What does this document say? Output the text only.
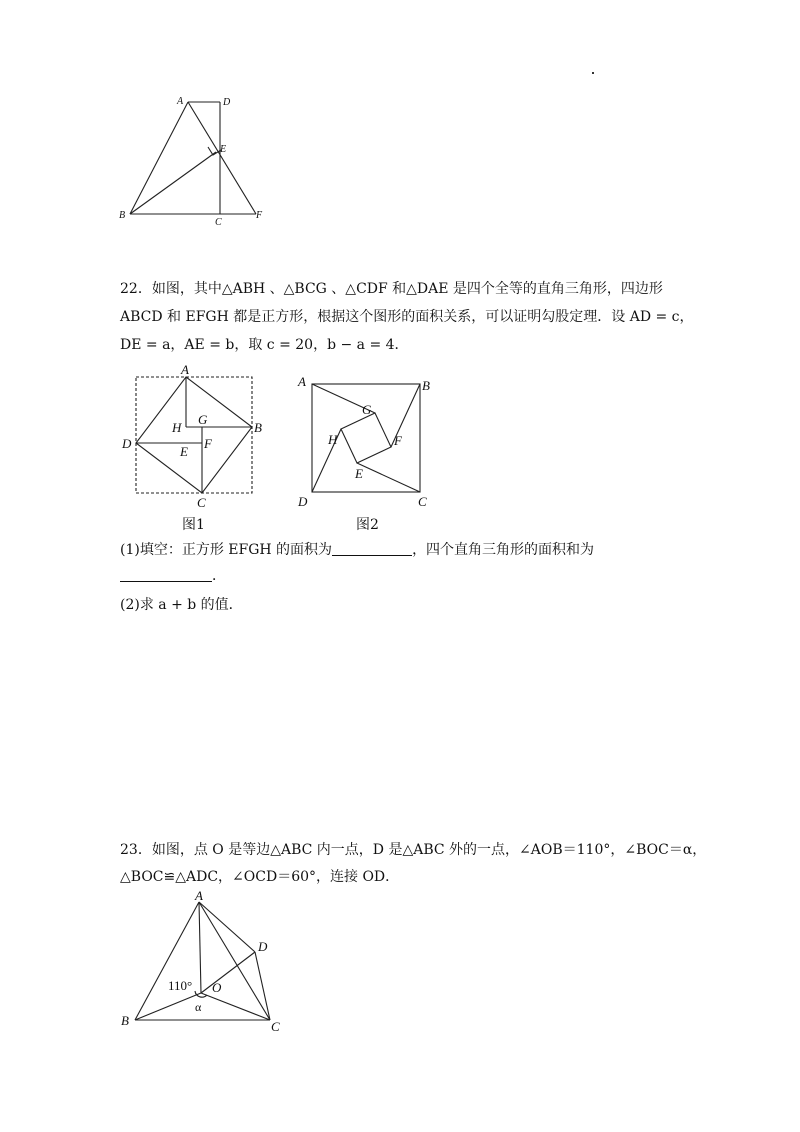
A	D
E
B
C
F
22．如图，其中△ABH 、△BCG 、△CDF 和△DAE 是四个全等的直角三角形，四边形
ABCD 和 EFGH 都是正方形，根据这个图形的面积关系，可以证明勾股定理．设 AD = c，
DE = a，AE = b，取 c = 20，b − a = 4．
A
B
C
D
E
F
G
H
图1
A	B
C
D
E
F
G
H
图2
(1)填空：正方形 EFGH 的面积为	，四个直角三角形的面积和为
．
(2)求 a + b 的值．
23．如图，点 O 是等边△ABC 内一点，D 是△ABC 外的一点，∠AOB＝110°，∠BOC＝α，
△BOC≌△ADC，∠OCD＝60°，连接 OD．
A
B	C
D
O
110°
α
